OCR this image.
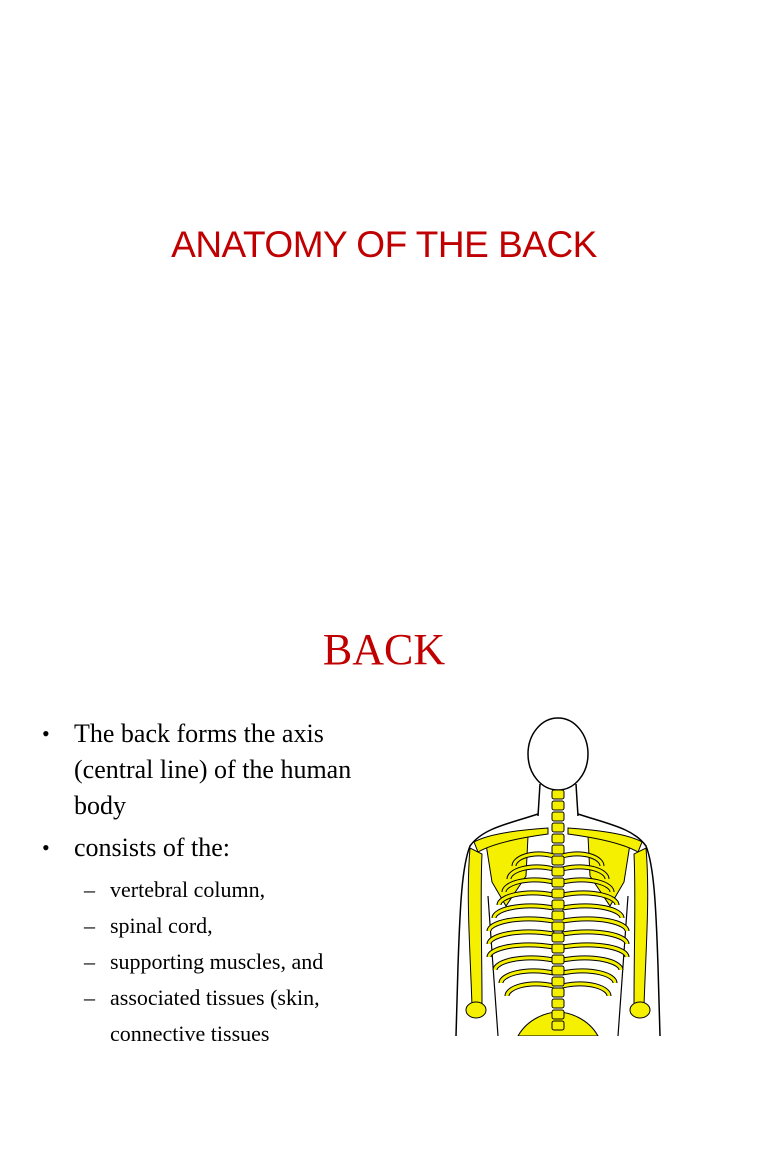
ANATOMY OF THE BACK
BACK
• The back forms the axis (central line) of the human body
• consists of the:
– vertebral column,
– spinal cord,
– supporting muscles, and
– associated tissues (skin, connective tissues
